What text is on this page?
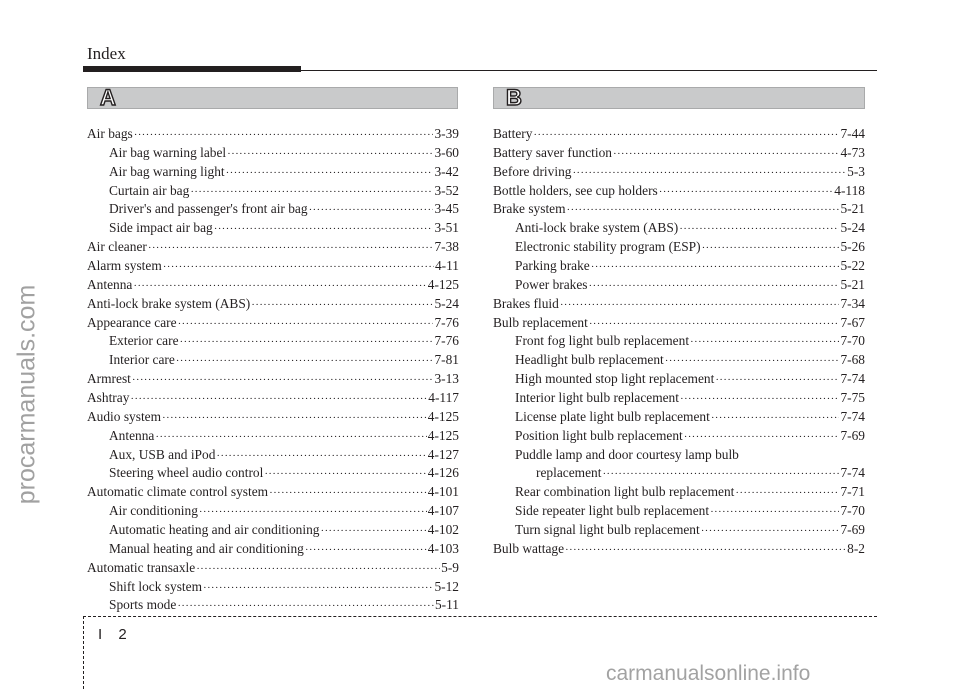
Index
A	B
Air bags ·····	3-39
Air bag warning label ·····	3-60
Air bag warning light ·····	3-42
Curtain air bag ·····	3-52
Driver's and passenger's front air bag ·····	3-45
Side impact air bag ·····	3-51
Air cleaner ·····	7-38
Alarm system ·····	4-11
Antenna ·····	4-125
Anti-lock brake system (ABS) ·····	5-24
Appearance care ·····	7-76
Exterior care ·····	7-76
Interior care ·····	7-81
Armrest ·····	3-13
Ashtray ·····	4-117
Audio system ·····	4-125
Antenna ·····	4-125
Aux, USB and iPod ·····	4-127
Steering wheel audio control ·····	4-126
Automatic climate control system ·····	4-101
Air conditioning ·····	4-107
Automatic heating and air conditioning ·····	4-102
Manual heating and air conditioning ·····	4-103
Automatic transaxle ·····	5-9
Shift lock system ·····	5-12
Sports mode ·····	5-11
Battery ·····	7-44
Battery saver function ·····	4-73
Before driving ·····	5-3
Bottle holders, see cup holders ·····	4-118
Brake system ·····	5-21
Anti-lock brake system (ABS) ·····	5-24
Electronic stability program (ESP) ·····	5-26
Parking brake ·····	5-22
Power brakes ·····	5-21
Brakes fluid ·····	7-34
Bulb replacement ·····	7-67
Front fog light bulb replacement ·····	7-70
Headlight bulb replacement ·····	7-68
High mounted stop light replacement ·····	7-74
Interior light bulb replacement ·····	7-75
License plate light bulb replacement ·····	7-74
Position light bulb replacement ·····	7-69
Puddle lamp and door courtesy lamp bulb
replacement ·····	7-74
Rear combination light bulb replacement ·····	7-71
Side repeater light bulb replacement ·····	7-70
Turn signal light bulb replacement ·····	7-69
Bulb wattage ·····	8-2
I 2
procarmanuals.com
carmanualsonline.info
